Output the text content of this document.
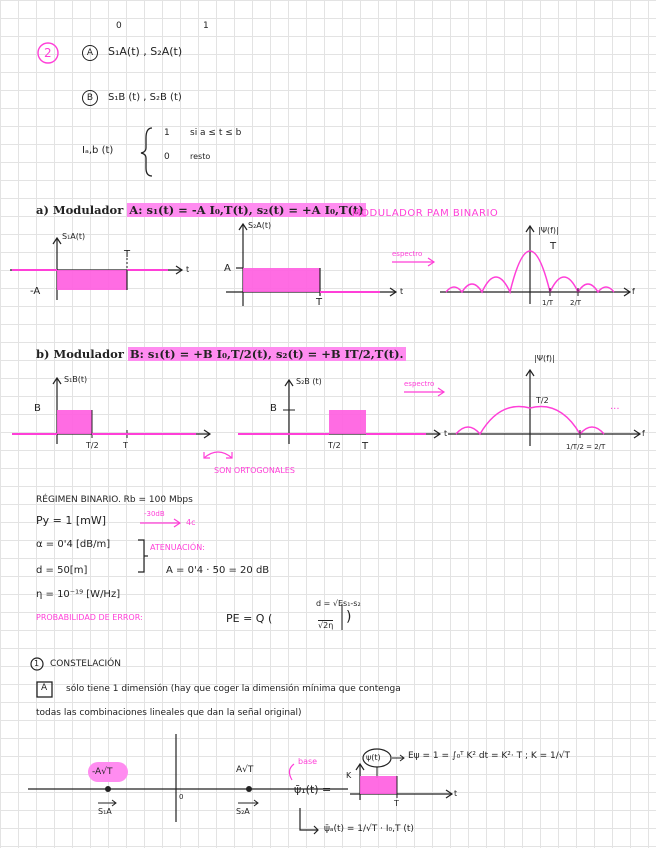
2	A
0	1
S₁A(t) , S₂A(t)
B	S₁B (t) , S₂B (t)
Iₐ,b (t)
1 si a ≤ t ≤ b
0	resto
a) Modulador A: s₁(t) = -A I₀,T(t), s₂(t) = +A I₀,T(t)
MODULADOR PAM BINARIO
S₁A(t)
T
t
-A
S₂A(t)
A
T
t
espectro
|Ψ(f)|
T
1/T 2/T
f
b) Modulador B: s₁(t) = +B I₀,T/2(t), s₂(t) = +B IT/2,T(t).
S₁B(t)
B
T/2	T
S₂B (t)
B
T/2 T
t
espectro
|Ψ(f)|
T/2
...
1/T/2 = 2/T
f
SON ORTOGONALES
RÉGIMEN BINARIO. Rb = 100 Mbps
Py = 1 [mW]	-30dB
4c
α = 0'4 [dB/m]	ATENUACIÓN:
d = 50[m]	A = 0'4 · 50 = 20 dB
η = 10⁻¹⁹ [W/Hz]
PROBABILIDAD DE ERROR:	PE = Q (
d = √Es₁-s₂
√2η
)
1 CONSTELACIÓN
A sólo tiene 1 dimensión (hay que coger la dimensión mínima que contenga
todas las combinaciones lineales que dan la señal original)
-A√T	A√T
0
S₁A	S₂A
base
ψ̄₁(t) =
ψ(t)	Eψ = 1 = ∫₀ᵀ K² dt = K²· T ; K = 1/√T
K
T
t
ψ̄ₐ(t) = 1/√T · I₀,T (t)
